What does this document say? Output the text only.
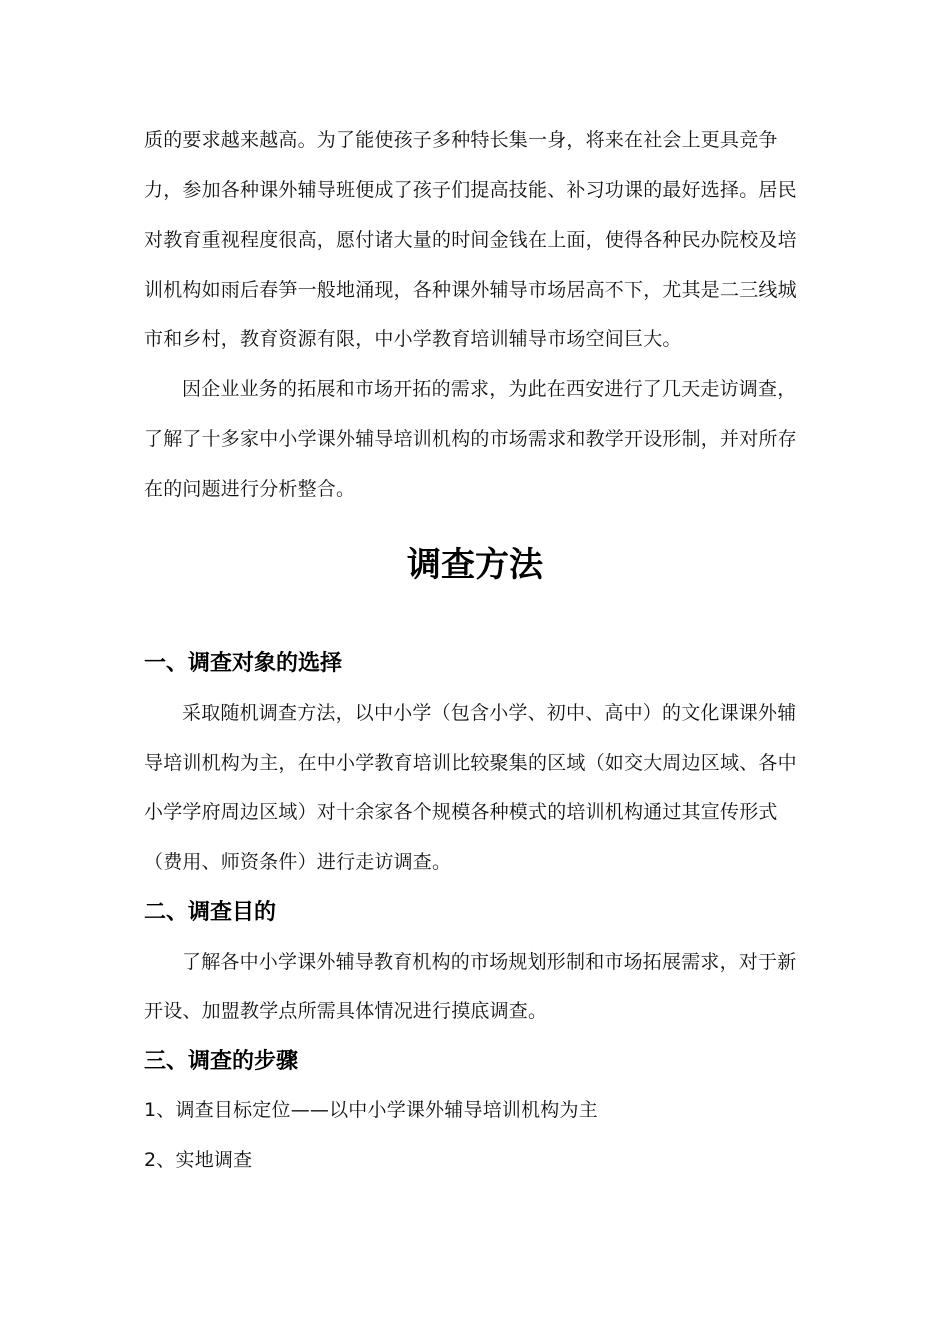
质的要求越来越高。为了能使孩子多种特长集一身，将来在社会上更具竞争
力，参加各种课外辅导班便成了孩子们提高技能、补习功课的最好选择。居民
对教育重视程度很高，愿付诸大量的时间金钱在上面，使得各种民办院校及培
训机构如雨后春笋一般地涌现，各种课外辅导市场居高不下，尤其是二三线城
市和乡村，教育资源有限，中小学教育培训辅导市场空间巨大。
因企业业务的拓展和市场开拓的需求，为此在西安进行了几天走访调查，
了解了十多家中小学课外辅导培训机构的市场需求和教学开设形制，并对所存
在的问题进行分析整合。
调查方法
一、调查对象的选择
采取随机调查方法，以中小学（包含小学、初中、高中）的文化课课外辅
导培训机构为主，在中小学教育培训比较聚集的区域（如交大周边区域、各中
小学学府周边区域）对十余家各个规模各种模式的培训机构通过其宣传形式
（费用、师资条件）进行走访调查。
二、调查目的
了解各中小学课外辅导教育机构的市场规划形制和市场拓展需求，对于新
开设、加盟教学点所需具体情况进行摸底调查。
三、调查的步骤
1、调查目标定位——以中小学课外辅导培训机构为主
2、实地调查
